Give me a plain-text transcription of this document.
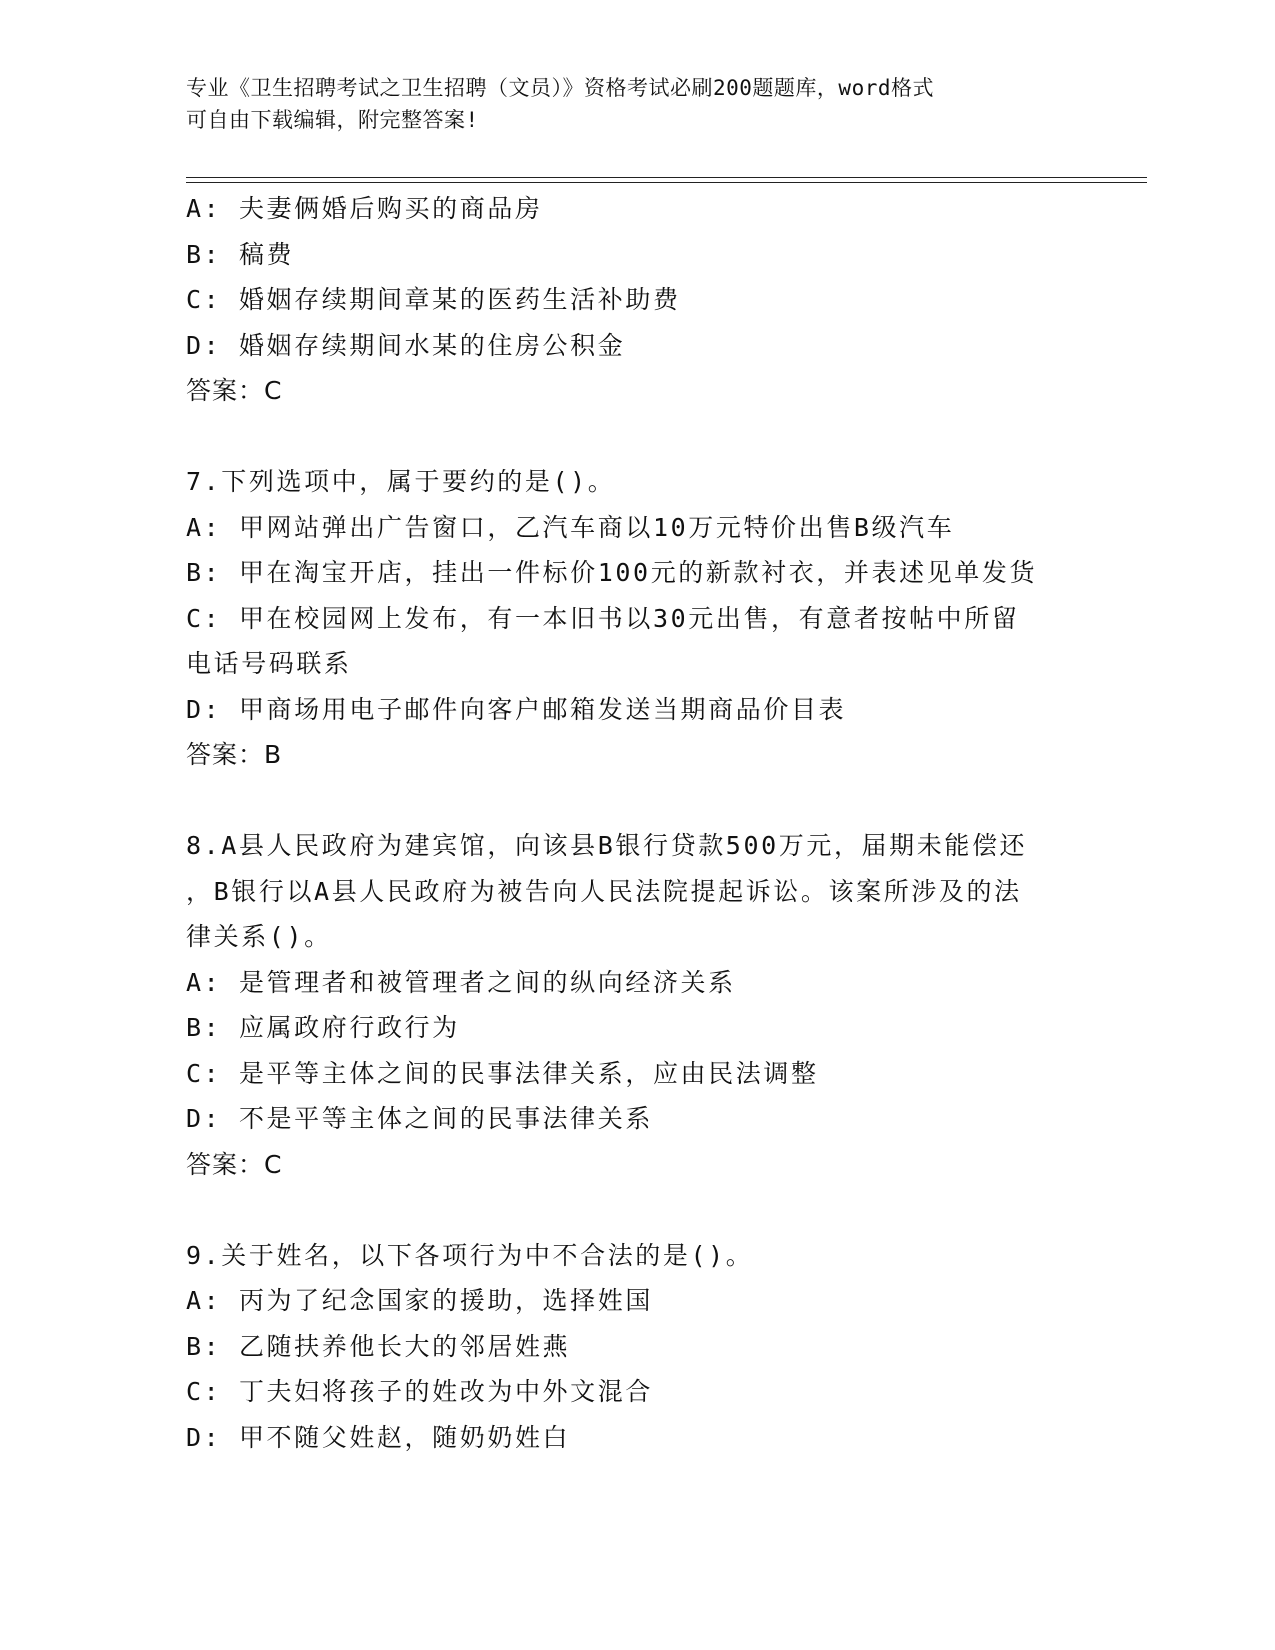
专业《卫生招聘考试之卫生招聘（文员）》资格考试必刷200题题库，word格式
可自由下载编辑，附完整答案!
A: 夫妻俩婚后购买的商品房
B: 稿费
C: 婚姻存续期间章某的医药生活补助费
D: 婚姻存续期间水某的住房公积金
答案：C
7.下列选项中，属于要约的是()。
A: 甲网站弹出广告窗口，乙汽车商以10万元特价出售B级汽车
B: 甲在淘宝开店，挂出一件标价100元的新款衬衣，并表述见单发货
C: 甲在校园网上发布，有一本旧书以30元出售，有意者按帖中所留
电话号码联系
D: 甲商场用电子邮件向客户邮箱发送当期商品价目表
答案：B
8.A县人民政府为建宾馆，向该县B银行贷款500万元，届期未能偿还
，B银行以A县人民政府为被告向人民法院提起诉讼。该案所涉及的法
律关系()。
A: 是管理者和被管理者之间的纵向经济关系
B: 应属政府行政行为
C: 是平等主体之间的民事法律关系，应由民法调整
D: 不是平等主体之间的民事法律关系
答案：C
9.关于姓名，以下各项行为中不合法的是()。
A: 丙为了纪念国家的援助，选择姓国
B: 乙随扶养他长大的邻居姓燕
C: 丁夫妇将孩子的姓改为中外文混合
D: 甲不随父姓赵，随奶奶姓白
